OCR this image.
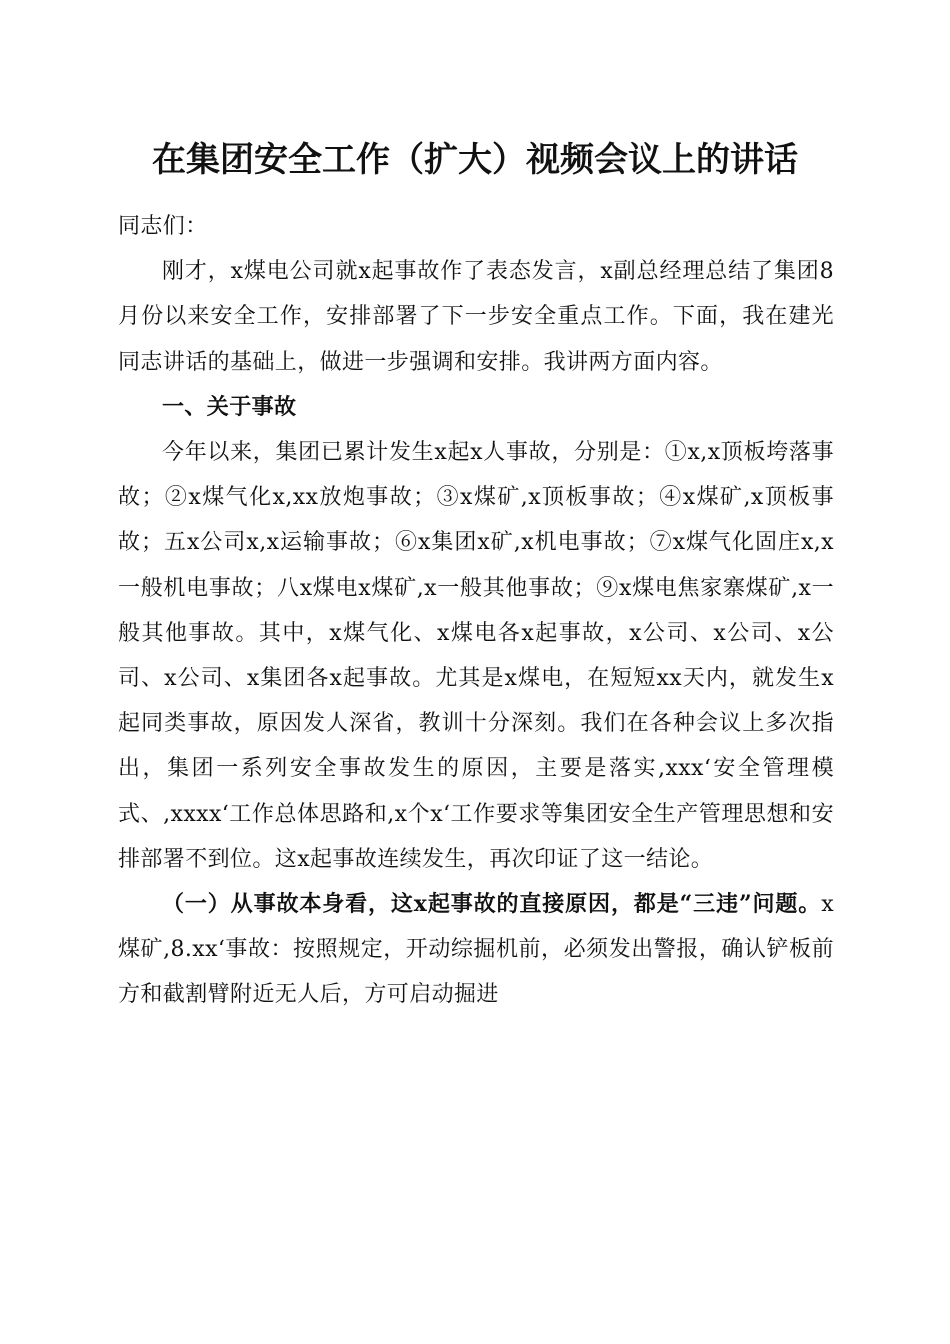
在集团安全工作（扩大）视频会议上的讲话

同志们：

刚才，x煤电公司就x起事故作了表态发言，x副总经理总结了集团8月份以来安全工作，安排部署了下一步安全重点工作。下面，我在建光同志讲话的基础上，做进一步强调和安排。我讲两方面内容。

一、关于事故

今年以来，集团已累计发生x起x人事故，分别是：①x,x顶板垮落事故；②x煤气化x,xx放炮事故；③x煤矿,x顶板事故；④x煤矿,x顶板事故；五x公司x,x运输事故；⑥x集团x矿,x机电事故；⑦x煤气化固庄x,x一般机电事故；八x煤电x煤矿,x一般其他事故；⑨x煤电焦家寨煤矿,x一般其他事故。其中，x煤气化、x煤电各x起事故，x公司、x公司、x公司、x公司、x集团各x起事故。尤其是x煤电，在短短xx天内，就发生x起同类事故，原因发人深省，教训十分深刻。我们在各种会议上多次指出，集团一系列安全事故发生的原因，主要是落实,xxx‘安全管理模式、,xxxx‘工作总体思路和,x个x‘工作要求等集团安全生产管理思想和安排部署不到位。这x起事故连续发生，再次印证了这一结论。

（一）从事故本身看，这x起事故的直接原因，都是“三违”问题。x煤矿,8.xx‘事故：按照规定，开动综掘机前，必须发出警报，确认铲板前方和截割臂附近无人后，方可启动掘进
